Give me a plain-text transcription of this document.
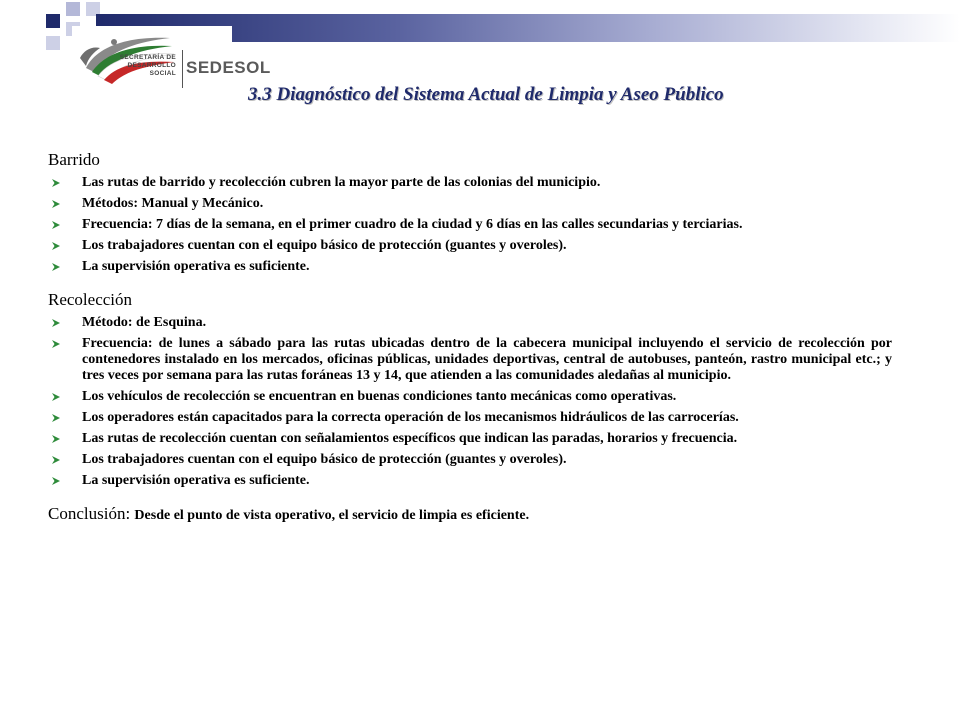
SECRETARÍA DE
DESARROLLO
SOCIAL SEDESOL
3.3 Diagnóstico del Sistema Actual de Limpia y Aseo Público
Barrido
Las rutas de barrido y recolección cubren la mayor parte de las colonias del municipio.
Métodos: Manual y Mecánico.
Frecuencia: 7 días de la semana, en el primer cuadro de la ciudad y 6 días en las calles secundarias y terciarias.
Los trabajadores cuentan con el equipo básico de protección (guantes y overoles).
La supervisión operativa es suficiente.
Recolección
Método: de Esquina.
Frecuencia: de lunes a sábado para las rutas ubicadas dentro de la cabecera municipal incluyendo el servicio de recolección por contenedores instalado en los mercados, oficinas públicas, unidades deportivas, central de autobuses, panteón, rastro municipal etc.; y tres veces por semana para las rutas foráneas 13 y 14, que atienden a las comunidades aledañas al municipio.
Los vehículos de recolección se encuentran en buenas condiciones tanto mecánicas como operativas.
Los operadores están capacitados para la correcta operación de los mecanismos hidráulicos de las carrocerías.
Las rutas de recolección cuentan con señalamientos específicos que indican las paradas, horarios y frecuencia.
Los trabajadores cuentan con el equipo básico de protección (guantes y overoles).
La supervisión operativa es suficiente.
Conclusión: Desde el punto de vista operativo, el servicio de limpia es eficiente.
